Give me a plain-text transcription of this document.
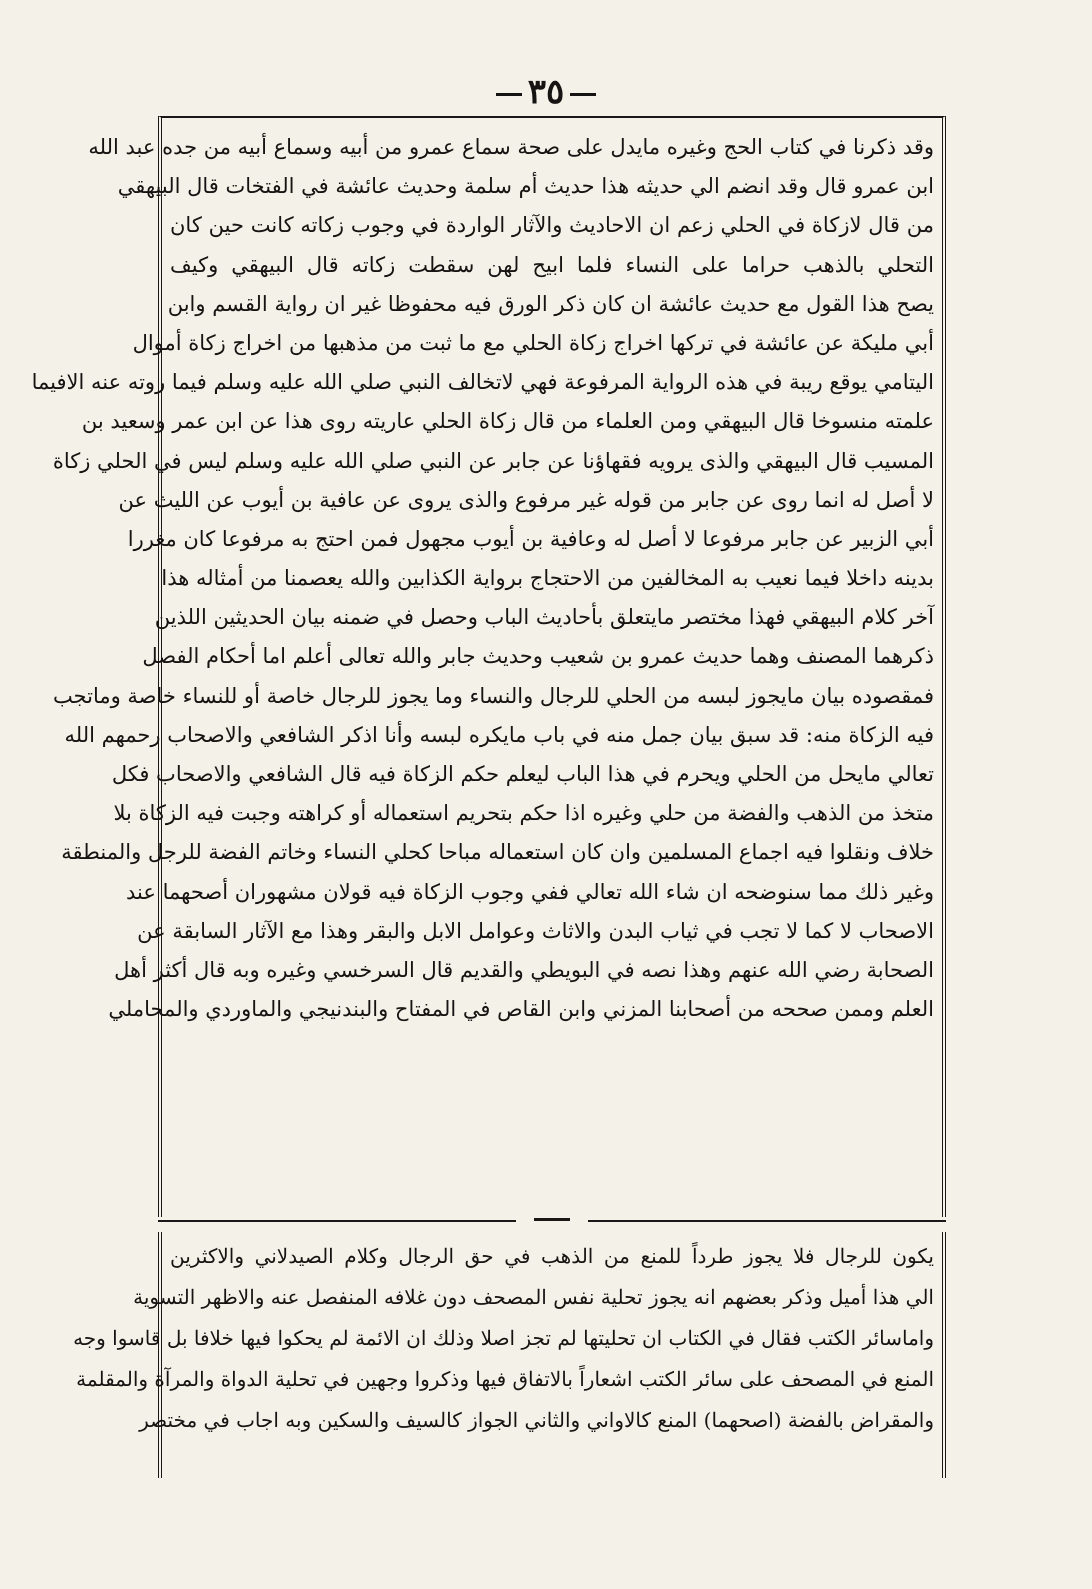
٣٥
وقد ذكرنا في كتاب الحج وغيره مايدل على صحة سماع عمرو من أبيه وسماع أبيه من جده عبد الله
ابن عمرو قال وقد انضم الي حديثه هذا حديث أم سلمة وحديث عائشة في الفتخات قال البيهقي
من قال لازكاة في الحلي زعم ان الاحاديث والآثار الواردة في وجوب زكاته كانت حين كان
التحلي بالذهب حراما على النساء فلما ابيح لهن سقطت زكاته قال البيهقي وكيف
يصح هذا القول مع حديث عائشة ان كان ذكر الورق فيه محفوظا غير ان رواية القسم وابن
أبي مليكة عن عائشة في تركها اخراج زكاة الحلي مع ما ثبت من مذهبها من اخراج زكاة أموال
اليتامي يوقع ريبة في هذه الرواية المرفوعة فهي لاتخالف النبي صلي الله عليه وسلم فيما روته عنه الافيما
علمته منسوخا قال البيهقي ومن العلماء من قال زكاة الحلي عاريته روى هذا عن ابن عمر وسعيد بن
المسيب قال البيهقي والذى يرويه فقهاؤنا عن جابر عن النبي صلي الله عليه وسلم ليس في الحلي زكاة
لا أصل له انما روى عن جابر من قوله غير مرفوع والذى يروى عن عافية بن أيوب عن الليث عن
أبي الزبير عن جابر مرفوعا لا أصل له وعافية بن أيوب مجهول فمن احتج به مرفوعا كان مغررا
بدينه داخلا فيما نعيب به المخالفين من الاحتجاج برواية الكذابين والله يعصمنا من أمثاله هذا
آخر كلام البيهقي فهذا مختصر مايتعلق بأحاديث الباب وحصل في ضمنه بيان الحديثين اللذين
ذكرهما المصنف وهما حديث عمرو بن شعيب وحديث جابر والله تعالى أعلم اما أحكام الفصل
فمقصوده بيان مايجوز لبسه من الحلي للرجال والنساء وما يجوز للرجال خاصة أو للنساء خاصة وماتجب
فيه الزكاة منه: قد سبق بيان جمل منه في باب مايكره لبسه وأنا اذكر الشافعي والاصحاب رحمهم الله
تعالي مايحل من الحلي ويحرم في هذا الباب ليعلم حكم الزكاة فيه قال الشافعي والاصحاب فكل
متخذ من الذهب والفضة من حلي وغيره اذا حكم بتحريم استعماله أو كراهته وجبت فيه الزكاة بلا
خلاف ونقلوا فيه اجماع المسلمين وان كان استعماله مباحا كحلي النساء وخاتم الفضة للرجل والمنطقة
وغير ذلك مما سنوضحه ان شاء الله تعالي ففي وجوب الزكاة فيه قولان مشهوران أصحهما عند
الاصحاب لا كما لا تجب في ثياب البدن والاثاث وعوامل الابل والبقر وهذا مع الآثار السابقة عن
الصحابة رضي الله عنهم وهذا نصه في البويطي والقديم قال السرخسي وغيره وبه قال أكثر أهل
العلم وممن صححه من أصحابنا المزني وابن القاص في المفتاح والبندنيجي والماوردي والمحاملي
يكون للرجال فلا يجوز طرداً للمنع من الذهب في حق الرجال وكلام الصيدلاني والاكثرين
الي هذا أميل وذكر بعضهم انه يجوز تحلية نفس المصحف دون غلافه المنفصل عنه والاظهر التسوية
واماسائر الكتب فقال في الكتاب ان تحليتها لم تجز اصلا وذلك ان الائمة لم يحكوا فيها خلافا بل قاسوا وجه
المنع في المصحف على سائر الكتب اشعاراً بالاتفاق فيها وذكروا وجهين في تحلية الدواة والمرآة والمقلمة
والمقراض بالفضة (اصحهما) المنع كالاواني والثاني الجواز كالسيف والسكين وبه اجاب في مختصر
